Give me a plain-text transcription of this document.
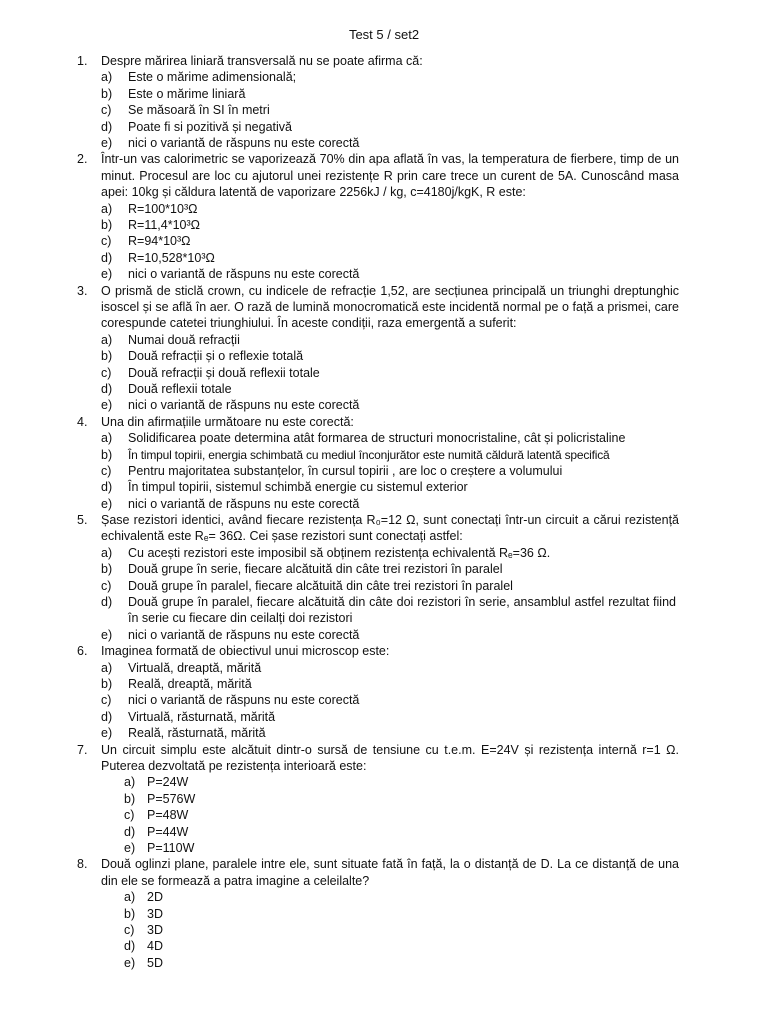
Test 5 / set2
1. Despre mărirea liniară transversală nu se poate afirma că:
a) Este o mărime adimensională;
b) Este o mărime liniară
c) Se măsoară în SI în metri
d) Poate fi si pozitivă și negativă
e) nici o variantă de răspuns nu este corectă
2. Într-un vas calorimetric se vaporizează 70% din apa aflată în vas, la temperatura de fierbere, timp de un minut. Procesul are loc cu ajutorul unei rezistențe R prin care trece un curent de 5A. Cunoscând masa apei: 10kg și căldura latentă de vaporizare 2256kJ / kg, c=4180j/kgK, R este:
a) R=100*10³Ω
b) R=11,4*10³Ω
c) R=94*10³Ω
d) R=10,528*10³Ω
e) nici o variantă de răspuns nu este corectă
3. O prismă de sticlă crown, cu indicele de refracție 1,52, are secțiunea principală un triunghi dreptunghic isoscel și se află în aer. O rază de lumină monocromatică este incidentă normal pe o față a prismei, care corespunde catetei triunghiului. În aceste condiții, raza emergentă a suferit:
a) Numai două refracții
b) Două refracții și o reflexie totală
c) Două refracții și două reflexii totale
d) Două reflexii totale
e) nici o variantă de răspuns nu este corectă
4. Una din afirmațiile următoare nu este corectă:
a) Solidificarea poate determina atât formarea de structuri monocristaline, cât și policristaline
b) În timpul topirii, energia schimbată cu mediul înconjurător este numită căldură latentă specifică
c) Pentru majoritatea substanțelor, în cursul topirii , are loc o creștere a volumului
d) În timpul topirii, sistemul schimbă energie cu sistemul exterior
e) nici o variantă de răspuns nu este corectă
5. Șase rezistori identici, având fiecare rezistența R₀=12 Ω, sunt conectați într-un circuit a cărui rezistență echivalentă este Rₑ= 36Ω. Cei șase rezistori sunt conectați astfel:
a) Cu acești rezistori este imposibil să obținem rezistența echivalentă Rₑ=36 Ω.
b) Două grupe în serie, fiecare alcătuită din câte trei rezistori în paralel
c) Două grupe în paralel, fiecare alcătuită din câte trei rezistori în paralel
d) Două grupe în paralel, fiecare alcătuită din câte doi rezistori în serie, ansamblul astfel rezultat fiind în serie cu fiecare din ceilalți doi rezistori
e) nici o variantă de răspuns nu este corectă
6. Imaginea formată de obiectivul unui microscop este:
a) Virtuală, dreaptă, mărită
b) Reală, dreaptă, mărită
c) nici o variantă de răspuns nu este corectă
d) Virtuală, răsturnată, mărită
e) Reală, răsturnată, mărită
7. Un circuit simplu este alcătuit dintr-o sursă de tensiune cu t.e.m. E=24V și rezistența internă r=1 Ω. Puterea dezvoltată pe rezistența interioară este:
a) P=24W
b) P=576W
c) P=48W
d) P=44W
e) P=110W
8. Două oglinzi plane, paralele intre ele, sunt situate fată în față, la o distanță de D. La ce distanță de una din ele se formează a patra imagine a celeilalte?
a) 2D
b) 3D
c) 3D
d) 4D
e) 5D
